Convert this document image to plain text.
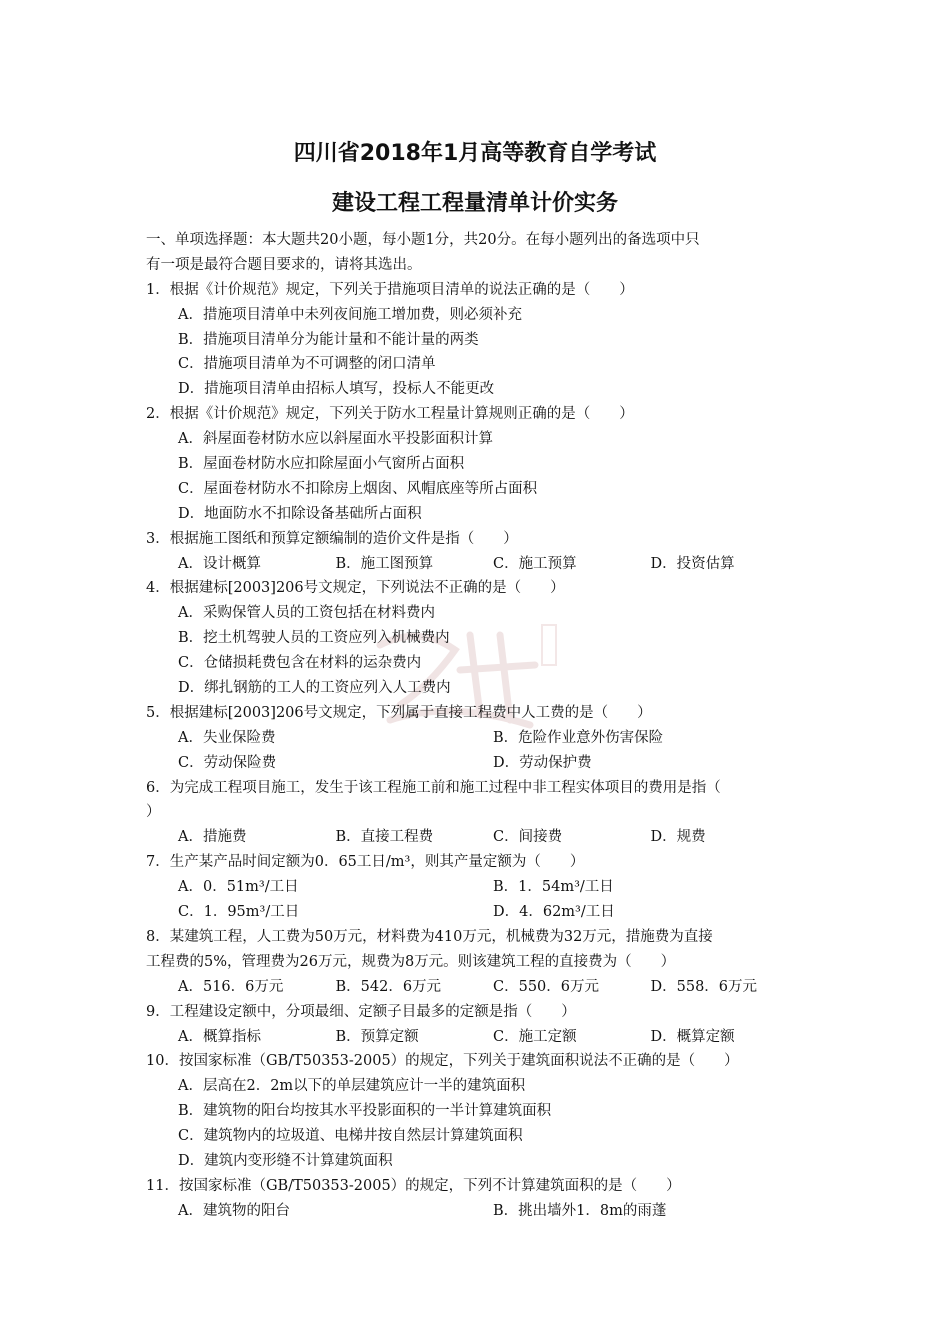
四川省2018年1月高等教育自学考试
建设工程工程量清单计价实务
一、单项选择题：本大题共20小题，每小题1分，共20分。在每小题列出的备选项中只
有一项是最符合题目要求的，请将其选出。
1．根据《计价规范》规定，下列关于措施项目清单的说法正确的是（　　）
A．措施项目清单中未列夜间施工增加费，则必须补充
B．措施项目清单分为能计量和不能计量的两类
C．措施项目清单为不可调整的闭口清单
D．措施项目清单由招标人填写，投标人不能更改
2．根据《计价规范》规定，下列关于防水工程量计算规则正确的是（　　）
A．斜屋面卷材防水应以斜屋面水平投影面积计算
B．屋面卷材防水应扣除屋面小气窗所占面积
C．屋面卷材防水不扣除房上烟囱、风帽底座等所占面积
D．地面防水不扣除设备基础所占面积
3．根据施工图纸和预算定额编制的造价文件是指（　　）
A．设计概算	B．施工图预算	C．施工预算	D．投资估算
4．根据建标[2003]206号文规定，下列说法不正确的是（　　）
A．采购保管人员的工资包括在材料费内
B．挖土机驾驶人员的工资应列入机械费内
C．仓储损耗费包含在材料的运杂费内
D．绑扎钢筋的工人的工资应列入人工费内
5．根据建标[2003]206号文规定，下列属于直接工程费中人工费的是（　　）
A．失业保险费	B．危险作业意外伤害保险
C．劳动保险费	D．劳动保护费
6．为完成工程项目施工，发生于该工程施工前和施工过程中非工程实体项目的费用是指（
）
A．措施费	B．直接工程费	C．间接费	D．规费
7．生产某产品时间定额为0．65工日/m³，则其产量定额为（　　）
A．0．51m³/工日	B．1．54m³/工日
C．1．95m³/工日	D．4．62m³/工日
8．某建筑工程，人工费为50万元，材料费为410万元，机械费为32万元，措施费为直接
工程费的5%，管理费为26万元，规费为8万元。则该建筑工程的直接费为（　　）
A．516．6万元	B．542．6万元	C．550．6万元	D．558．6万元
9．工程建设定额中，分项最细、定额子目最多的定额是指（　　）
A．概算指标	B．预算定额	C．施工定额	D．概算定额
10．按国家标准（GB/T50353-2005）的规定，下列关于建筑面积说法不正确的是（　　）
A．层高在2．2m以下的单层建筑应计一半的建筑面积
B．建筑物的阳台均按其水平投影面积的一半计算建筑面积
C．建筑物内的垃圾道、电梯井按自然层计算建筑面积
D．建筑内变形缝不计算建筑面积
11．按国家标准（GB/T50353-2005）的规定，下列不计算建筑面积的是（　　）
A．建筑物的阳台	B．挑出墙外1．8m的雨蓬
